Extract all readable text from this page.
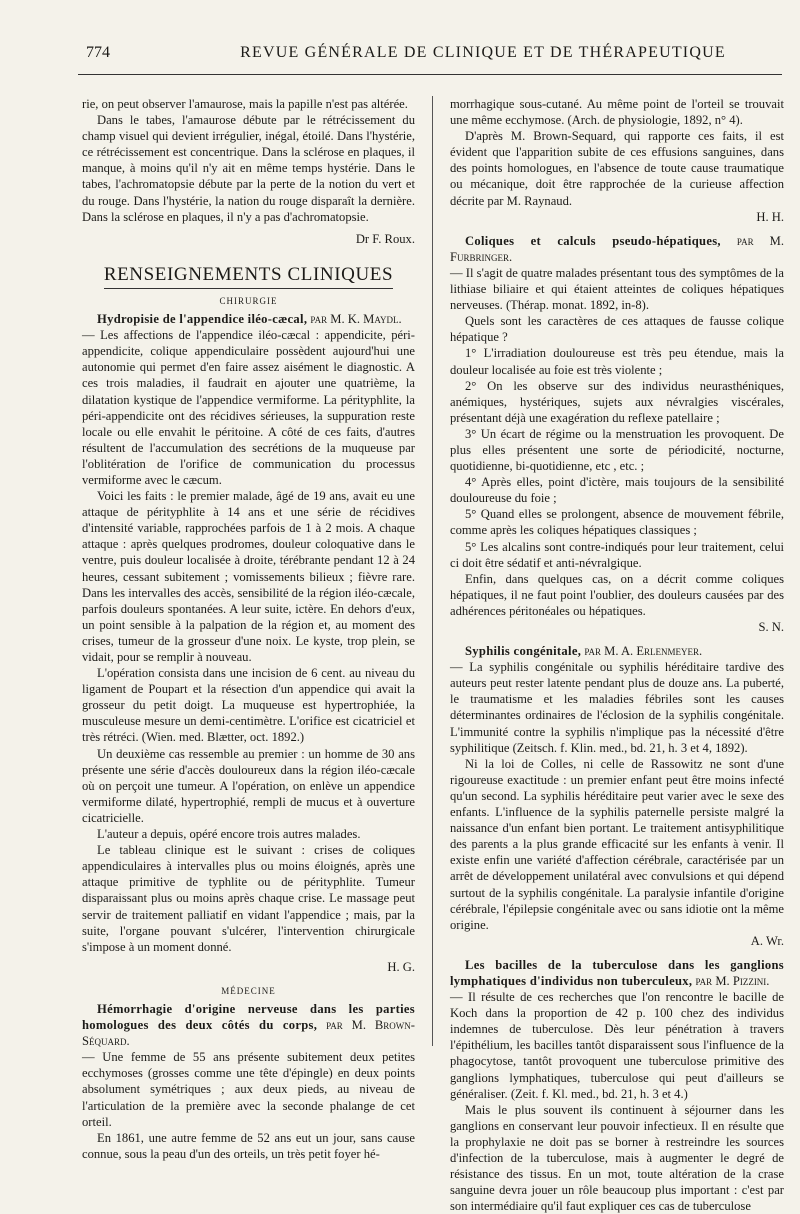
774	REVUE GÉNÉRALE DE CLINIQUE ET DE THÉRAPEUTIQUE

rie, on peut observer l'amaurose, mais la papille n'est pas altérée.

Dans le tabes, l'amaurose débute par le rétrécissement du champ visuel qui devient irrégulier, inégal, étoilé. Dans l'hystérie, ce rétrécissement est concentrique. Dans la sclérose en plaques, il manque, à moins qu'il n'y ait en même temps hystérie. Dans le tabes, l'achromatopsie débute par la perte de la notion du vert et du rouge. Dans l'hystérie, la nation du rouge disparaît la dernière. Dans la sclérose en plaques, il n'y a pas d'achromatopsie.

Dr F. Roux.

RENSEIGNEMENTS CLINIQUES

CHIRURGIE

Hydropisie de l'appendice iléo-cæcal, par M. K. Maydl.

— Les affections de l'appendice iléo-cæcal : appendicite, péri-appendicite, colique appendiculaire possèdent aujourd'hui une autonomie qui permet d'en faire assez aisément le diagnostic. A ces trois maladies, il faudrait en ajouter une quatrième, la dilatation kystique de l'appendice vermiforme. La pérityphlite, la péri-appendicite ont des récidives sérieuses, la suppuration reste locale ou elle envahit le péritoine. A côté de ces faits, d'autres résultent de l'accumulation des secrétions de la muqueuse par l'oblitération de l'orifice de communication du processus vermiforme avec le cæcum.

Voici les faits : le premier malade, âgé de 19 ans, avait eu une attaque de pérityphlite à 14 ans et une série de récidives d'intensité variable, rapprochées parfois de 1 à 2 mois. A chaque attaque : après quelques prodromes, douleur coloquative dans le ventre, puis douleur localisée à droite, térébrante pendant 12 à 24 heures, cessant subitement ; vomissements bilieux ; fièvre rare. Dans les intervalles des accès, sensibilité de la région iléo-cæcale, parfois douleurs spontanées. A leur suite, ictère. En dehors d'eux, un point sensible à la palpation de la région et, au moment des crises, tumeur de la grosseur d'une noix. Le kyste, trop plein, se vidait, pour se remplir à nouveau.

L'opération consista dans une incision de 6 cent. au niveau du ligament de Poupart et la résection d'un appendice qui avait la grosseur du petit doigt. La muqueuse est hypertrophiée, la musculeuse mesure un demi-centimètre. L'orifice est cicatriciel et très rétréci. (Wien. med. Blætter, oct. 1892.)

Un deuxième cas ressemble au premier : un homme de 30 ans présente une série d'accès douloureux dans la région iléo-cæcale où on perçoit une tumeur. A l'opération, on enlève un appendice vermiforme dilaté, hypertrophié, rempli de mucus et à ouverture cicatricielle.

L'auteur a depuis, opéré encore trois autres malades.

Le tableau clinique est le suivant : crises de coliques appendiculaires à intervalles plus ou moins éloignés, après une attaque primitive de typhlite ou de pérityphlite. Tumeur disparaissant plus ou moins après chaque crise. Le massage peut servir de traitement palliatif en vidant l'appendice ; mais, par la suite, l'organe pouvant s'ulcérer, l'intervention chirurgicale s'impose à un moment donné.

H. G.

MÉDECINE

Hémorrhagie d'origine nerveuse dans les parties homologues des deux côtés du corps, par M. Brown-Séquard.

— Une femme de 55 ans présente subitement deux petites ecchymoses (grosses comme une tête d'épingle) en deux points absolument symétriques ; aux deux pieds, au niveau de l'articulation de la première avec la seconde phalange de cet orteil.

En 1861, une autre femme de 52 ans eut un jour, sans cause connue, sous la peau d'un des orteils, un très petit foyer hé-

morrhagique sous-cutané. Au même point de l'orteil se trouvait une même ecchymose. (Arch. de physiologie, 1892, n° 4).

D'après M. Brown-Sequard, qui rapporte ces faits, il est évident que l'apparition subite de ces effusions sanguines, dans des points homologues, en l'absence de toute cause traumatique ou mécanique, doit être rapprochée de la curieuse affection décrite par M. Raynaud.

H. H.

Coliques et calculs pseudo-hépatiques, par M. Furbringer.

— Il s'agit de quatre malades présentant tous des symptômes de la lithiase biliaire et qui étaient atteintes de coliques hépatiques nerveuses. (Thérap. monat. 1892, in-8).

Quels sont les caractères de ces attaques de fausse colique hépatique ?

1° L'irradiation douloureuse est très peu étendue, mais la douleur localisée au foie est très violente ;

2° On les observe sur des individus neurasthéniques, anémiques, hystériques, sujets aux névralgies viscérales, présentant déjà une exagération du reflexe patellaire ;

3° Un écart de régime ou la menstruation les provoquent. De plus elles présentent une sorte de périodicité, nocturne, quotidienne, bi-quotidienne, etc , etc. ;

4° Après elles, point d'ictère, mais toujours de la sensibilité douloureuse du foie ;

5° Quand elles se prolongent, absence de mouvement fébrile, comme après les coliques hépatiques classiques ;

5° Les alcalins sont contre-indiqués pour leur traitement, celui ci doit être sédatif et anti-névralgique.

Enfin, dans quelques cas, on a décrit comme coliques hépatiques, il ne faut point l'oublier, des douleurs causées par des adhérences péritonéales ou hépatiques.

S. N.

Syphilis congénitale, par M. A. Erlenmeyer.

— La syphilis congénitale ou syphilis héréditaire tardive des auteurs peut rester latente pendant plus de douze ans. La puberté, le traumatisme et les maladies fébriles sont les causes déterminantes ordinaires de l'éclosion de la syphilis congénitale. L'immunité contre la syphilis n'implique pas la nécessité d'être syphilitique (Zeitsch. f. Klin. med., bd. 21, h. 3 et 4, 1892).

Ni la loi de Colles, ni celle de Rassowitz ne sont d'une rigoureuse exactitude : un premier enfant peut être moins infecté qu'un second. La syphilis héréditaire peut varier avec le sexe des enfants. L'influence de la syphilis paternelle persiste malgré la naissance d'un enfant bien portant. Le traitement antisyphilitique des parents a la plus grande efficacité sur les enfants à venir. Il existe enfin une variété d'affection cérébrale, caractérisée par un arrêt de développement unilatéral avec convulsions et qui dépend surtout de la syphilis congénitale. La paralysie infantile d'origine cérébrale, l'épilepsie congénitale avec ou sans idiotie ont la même origine.

A. Wr.

Les bacilles de la tuberculose dans les ganglions lymphatiques d'individus non tuberculeux, par M. Pizzini.

— Il résulte de ces recherches que l'on rencontre le bacille de Koch dans la proportion de 42 p. 100 chez des individus indemnes de tuberculose. Dès leur pénétration à travers l'épithélium, les bacilles tantôt disparaissent sous l'influence de la phagocytose, tantôt provoquent une tuberculose primitive des ganglions lymphatiques, tuberculose qui peut d'ailleurs se généraliser. (Zeit. f. Kl. med., bd. 21, h. 3 et 4.)

Mais le plus souvent ils continuent à séjourner dans les ganglions en conservant leur pouvoir infectieux. Il en résulte que la prophylaxie ne doit pas se borner à restreindre les sources d'infection de la tuberculose, mais à augmenter le degré de résistance des tissus. En un mot, toute altération de la crase sanguine devra jouer un rôle beaucoup plus important : c'est par son intermédiaire qu'il faut expliquer ces cas de tuberculose
